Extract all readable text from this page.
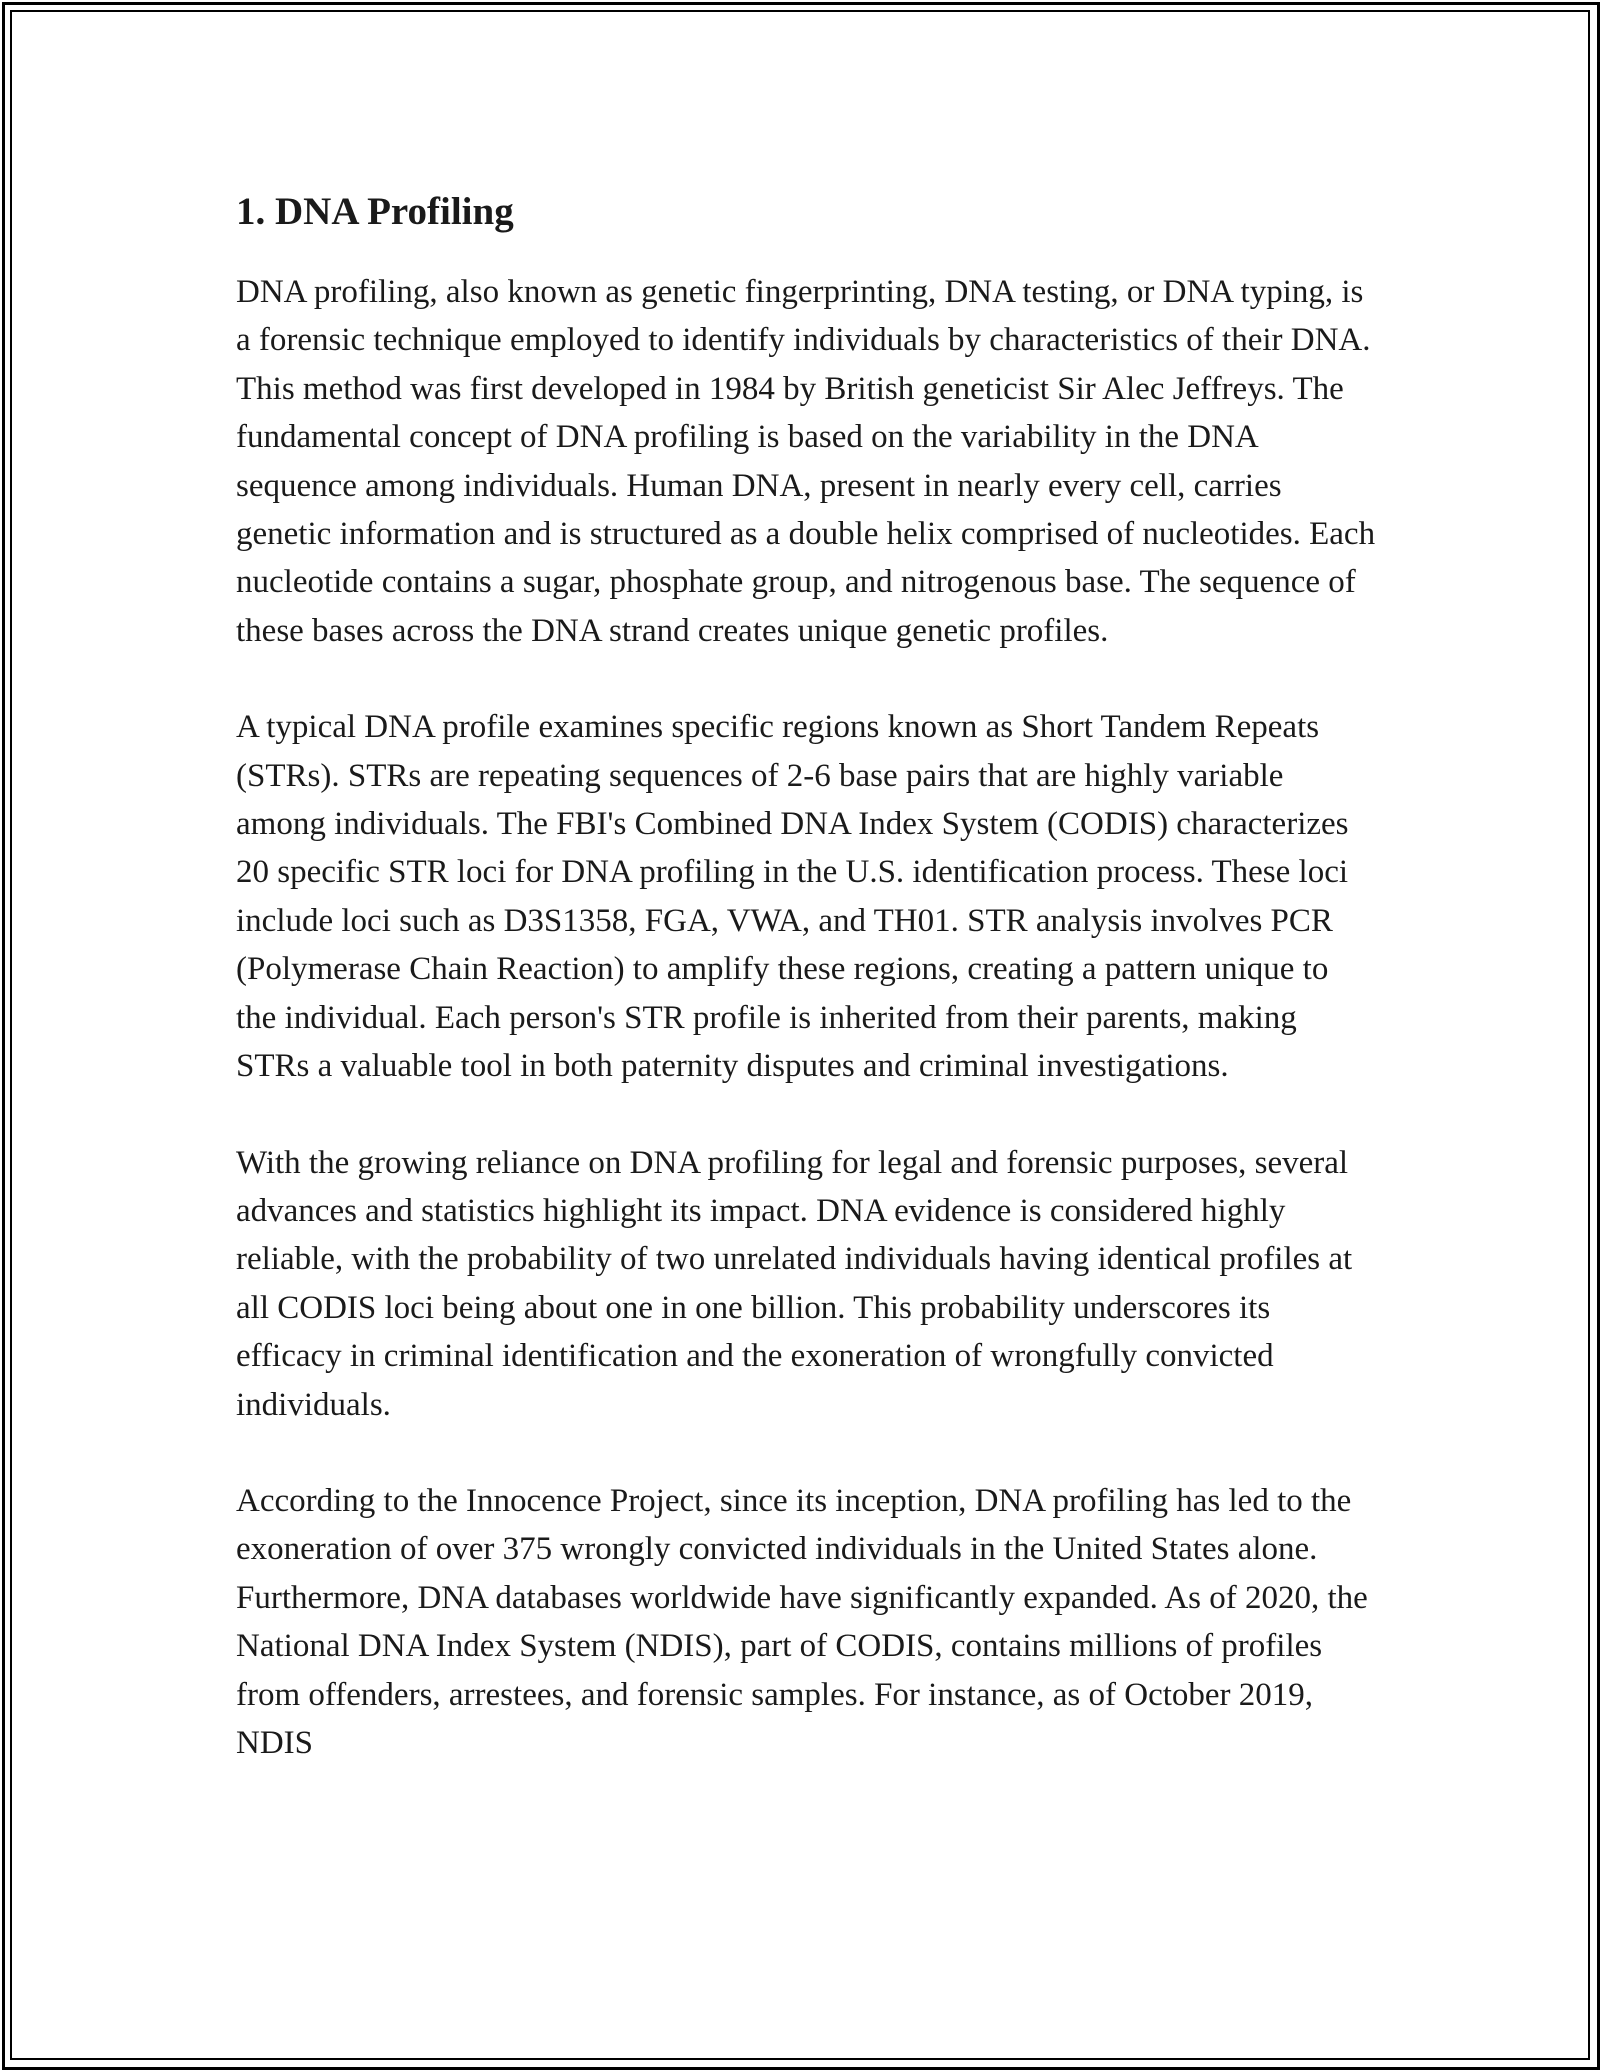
1. DNA Profiling

DNA profiling, also known as genetic fingerprinting, DNA testing, or DNA typing, is a forensic technique employed to identify individuals by characteristics of their DNA. This method was first developed in 1984 by British geneticist Sir Alec Jeffreys. The fundamental concept of DNA profiling is based on the variability in the DNA sequence among individuals. Human DNA, present in nearly every cell, carries genetic information and is structured as a double helix comprised of nucleotides. Each nucleotide contains a sugar, phosphate group, and nitrogenous base. The sequence of these bases across the DNA strand creates unique genetic profiles.

A typical DNA profile examines specific regions known as Short Tandem Repeats (STRs). STRs are repeating sequences of 2-6 base pairs that are highly variable among individuals. The FBI's Combined DNA Index System (CODIS) characterizes 20 specific STR loci for DNA profiling in the U.S. identification process. These loci include loci such as D3S1358, FGA, VWA, and TH01. STR analysis involves PCR (Polymerase Chain Reaction) to amplify these regions, creating a pattern unique to the individual. Each person's STR profile is inherited from their parents, making STRs a valuable tool in both paternity disputes and criminal investigations.

With the growing reliance on DNA profiling for legal and forensic purposes, several advances and statistics highlight its impact. DNA evidence is considered highly reliable, with the probability of two unrelated individuals having identical profiles at all CODIS loci being about one in one billion. This probability underscores its efficacy in criminal identification and the exoneration of wrongfully convicted individuals.

According to the Innocence Project, since its inception, DNA profiling has led to the exoneration of over 375 wrongly convicted individuals in the United States alone. Furthermore, DNA databases worldwide have significantly expanded. As of 2020, the National DNA Index System (NDIS), part of CODIS, contains millions of profiles from offenders, arrestees, and forensic samples. For instance, as of October 2019, NDIS
